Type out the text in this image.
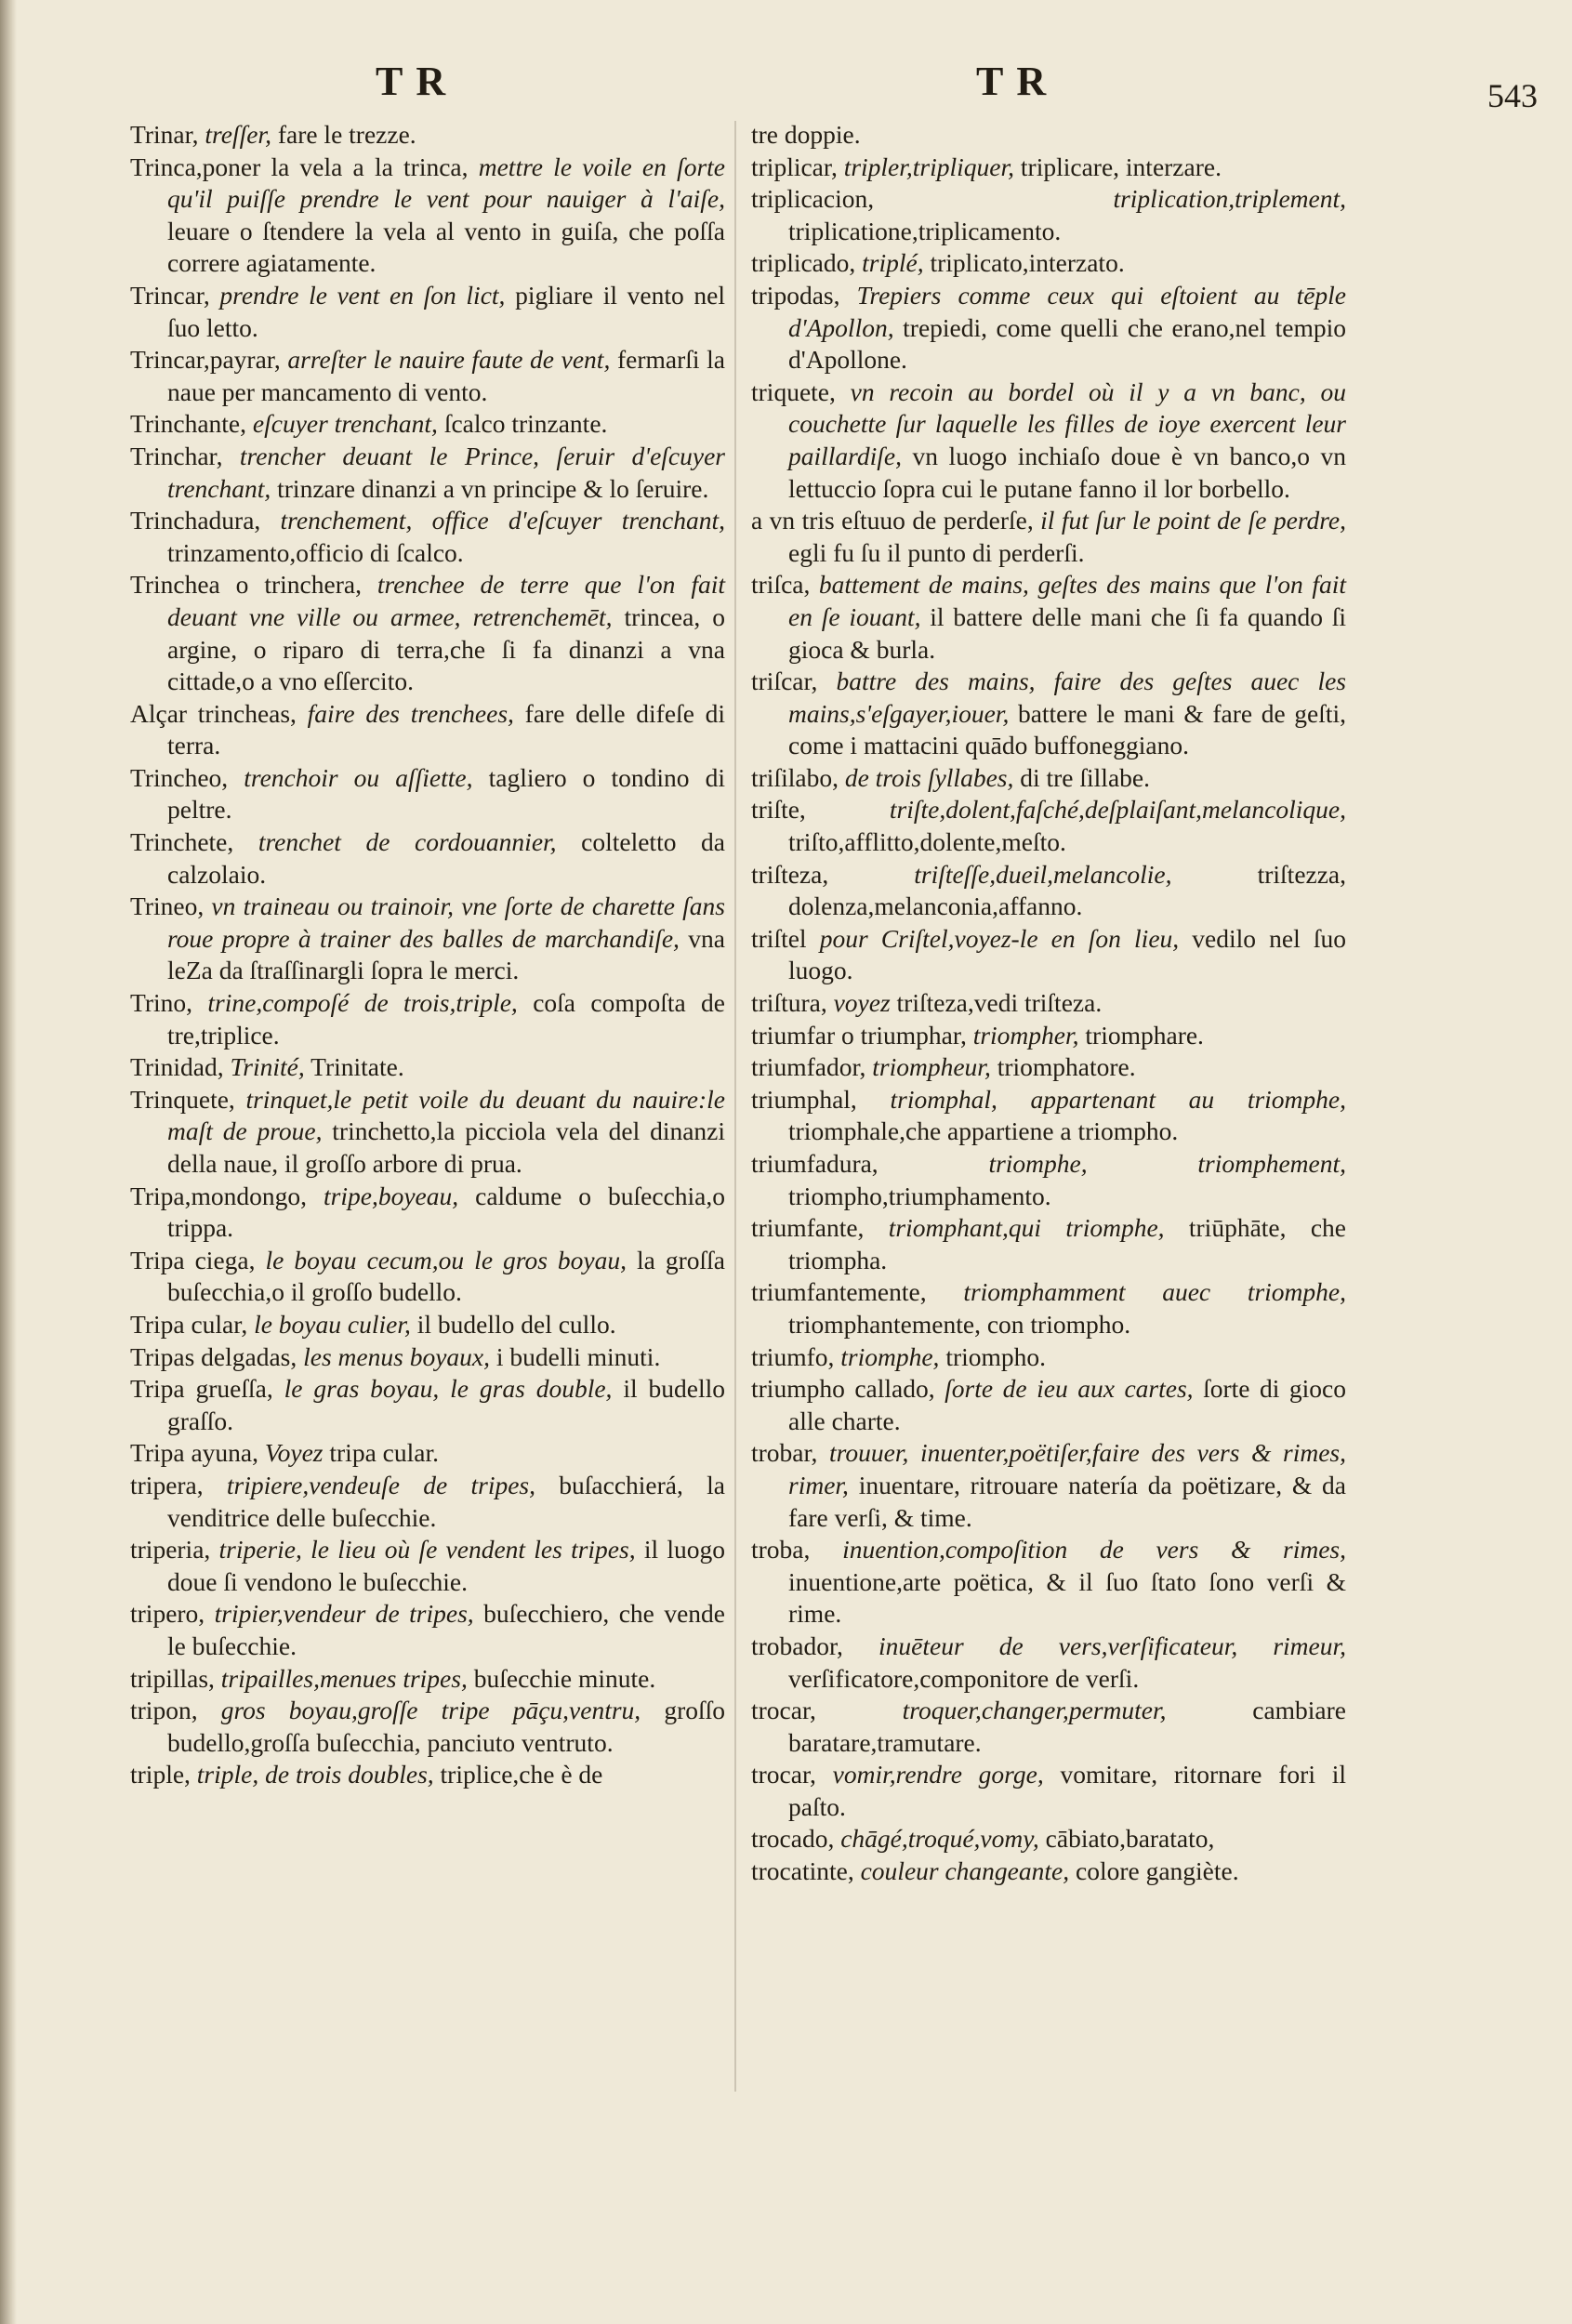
TR	TR	543

Trinar, treſſer, fare le trezze.

Trinca,poner la vela a la trinca, mettre le voile en ſorte qu'il puiſſe prendre le vent pour nauiger à l'aiſe, leuare o ſtendere la vela al vento in guiſa, che poſſa correre agiatamente.

Trincar, prendre le vent en ſon lict, pigliare il vento nel ſuo letto.

Trincar,payrar, arreſter le nauire faute de vent, fermarſi la naue per mancamento di vento.

Trinchante, eſcuyer trenchant, ſcalco trinzante.

Trinchar, trencher deuant le Prince, ſeruir d'eſcuyer trenchant, trinzare dinanzi a vn principe & lo ſeruire.

Trinchadura, trenchement, office d'eſcuyer trenchant, trinzamento,officio di ſcalco.

Trinchea o trinchera, trenchee de terre que l'on fait deuant vne ville ou armee, retrenchemēt, trincea, o argine, o riparo di terra,che ſi fa dinanzi a vna cittade,o a vno eſſercito.

Alçar trincheas, faire des trenchees, fare delle difeſe di terra.

Trincheo, trenchoir ou aſſiette, tagliero o tondino di peltre.

Trinchete, trenchet de cordouannier, colteletto da calzolaio.

Trineo, vn traineau ou trainoir, vne ſorte de charette ſans roue propre à trainer des balles de marchandiſe, vna leZa da ſtraſſinargli ſopra le merci.

Trino, trine,compoſé de trois,triple, coſa compoſta de tre,triplice.

Trinidad, Trinité, Trinitate.

Trinquete, trinquet,le petit voile du deuant du nauire:le maſt de proue, trinchetto,la picciola vela del dinanzi della naue, il groſſo arbore di prua.

Tripa,mondongo, tripe,boyeau, caldume o buſecchia,o trippa.

Tripa ciega, le boyau cecum,ou le gros boyau, la groſſa buſecchia,o il groſſo budello.

Tripa cular, le boyau culier, il budello del cullo.

Tripas delgadas, les menus boyaux, i budelli minuti.

Tripa grueſſa, le gras boyau, le gras double, il budello graſſo.

Tripa ayuna, Voyez tripa cular.

tripera, tripiere,vendeuſe de tripes, buſacchierá, la venditrice delle buſecchie.

triperia, triperie, le lieu où ſe vendent les tripes, il luogo doue ſi vendono le buſecchie.

tripero, tripier,vendeur de tripes, buſecchiero, che vende le buſecchie.

tripillas, tripailles,menues tripes, buſecchie minute.

tripon, gros boyau,groſſe tripe pāçu,ventru, groſſo budello,groſſa buſecchia, panciuto ventruto.

triple, triple, de trois doubles, triplice,che è de

tre doppie.

triplicar, tripler,tripliquer, triplicare, interzare.

triplicacion,	triplication,triplement, triplicatione,triplicamento.

triplicado, triplé, triplicato,interzato.

tripodas, Trepiers comme ceux qui eſtoient au tēple d'Apollon, trepiedi, come quelli che erano,nel tempio d'Apollone.

triquete, vn recoin au bordel où il y a vn banc, ou couchette ſur laquelle les filles de ioye exercent leur paillardiſe, vn luogo inchiaſo doue è vn banco,o vn lettuccio ſopra cui le putane fanno il lor borbello.

a vn tris eſtuuo de perderſe, il fut ſur le point de ſe perdre, egli fu ſu il punto di perderſi.

triſca, battement de mains, geſtes des mains que l'on fait en ſe iouant, il battere delle mani che ſi fa quando ſi gioca & burla.

triſcar, battre des mains, faire des geſtes auec les mains,s'eſgayer,iouer, battere le mani & fare de geſti, come i mattacini quādo buffoneggiano.

triſilabo, de trois ſyllabes, di tre ſillabe.

triſte,	triſte,dolent,faſché,deſplaiſant,melancolique, triſto,afflitto,dolente,meſto.

triſteza,	triſteſſe,dueil,melancolie,	triſtezza, dolenza,melanconia,affanno.

triſtel pour Criſtel,voyez-le en ſon lieu, vedilo nel ſuo luogo.

triſtura, voyez triſteza,vedi triſteza.

triumfar o triumphar, triompher, triomphare.

triumfador, triompheur, triomphatore.

triumphal, triomphal, appartenant au triomphe, triomphale,che appartiene a triompho.

triumfadura,	triomphe, triomphement, triompho,triumphamento.

triumfante, triomphant,qui triomphe, triūphāte, che triompha.

triumfantemente, triomphamment auec triomphe, triomphantemente, con triompho.

triumfo, triomphe, triompho.

triumpho callado, ſorte de ieu aux cartes, ſorte di gioco alle charte.

trobar, trouuer, inuenter,poëtiſer,faire des vers & rimes, rimer, inuentare, ritrouare natería da poëtizare, & da fare verſi, & time.

troba, inuention,compoſition de vers & rimes, inuentione,arte poëtica, & il ſuo ſtato ſono verſi & rime.

trobador, inuēteur de vers,verſificateur, rimeur, verſificatore,componitore de verſi.

trocar,	troquer,changer,permuter,	cambiare baratare,tramutare.

trocar, vomir,rendre gorge, vomitare, ritornare fori il paſto.

trocado, chāgé,troqué,vomy, cābiato,baratato,

trocatinte, couleur changeante, colore gangiète.
